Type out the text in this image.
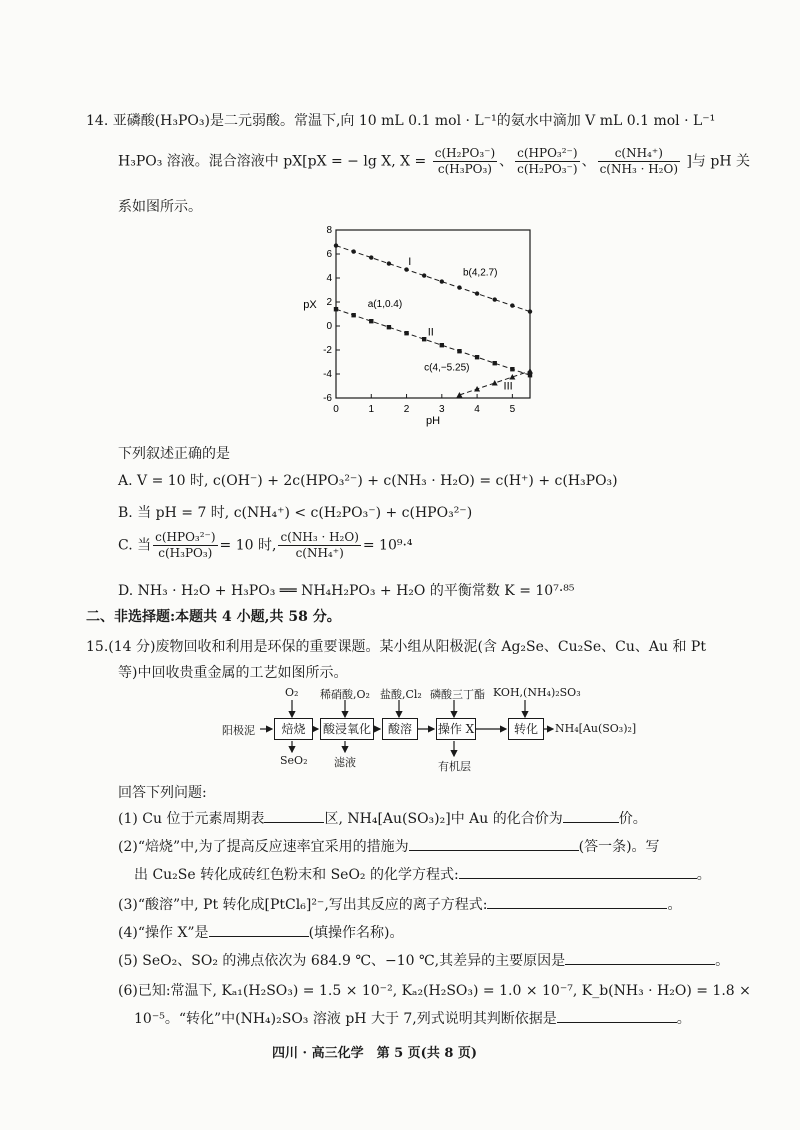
14. 亚磷酸(H₃PO₃)是二元弱酸。常温下,向 10 mL 0.1 mol · L⁻¹的氨水中滴加 V mL 0.1 mol · L⁻¹
H₃PO₃ 溶液。混合溶液中 pX[pX = − lg X, $X = \frac{\text{c(H₂PO₃⁻)}}{\text{c(H₃PO₃)}}$ 、 $\frac{\text{c(HPO₃²⁻)}}{\text{c(H₂PO₃⁻)}}$ 、 $\frac{\text{c(NH₄⁺)}}{\text{c(NH₃ · H₂O)}}$ ]与 pH 关
系如图所示。
0	1	2	3	4	5
-6
-4
-2
0
2
4
6
8
pH
pX	a(1,0.4)
b(4,2.7)
c(4,−5.25)
I
II
III
下列叙述正确的是
A. V = 10 时, c(OH⁻) + 2c(HPO₃²⁻) + c(NH₃ · H₂O) = c(H⁺) + c(H₃PO₃)
B. 当 pH = 7 时, c(NH₄⁺) < c(H₂PO₃⁻) + c(HPO₃²⁻)
C. 当 $\frac{\text{c(HPO₃²⁻)}}{\text{c(H₃PO₃)}} = 10$ 时, $\frac{\text{c(NH₃ · H₂O)}}{\text{c(NH₄⁺)}} = 10^9\cdot^4$
D. NH₃ · H₂O + H₃PO₃ ══ NH₄H₂PO₃ + H₂O 的平衡常数 K = 10⁷·⁸⁵
二、非选择题:本题共 4 小题,共 58 分。
15.(14 分)废物回收和利用是环保的重要课题。某小组从阳极泥(含 Ag₂Se、Cu₂Se、Cu、Au 和 Pt
等)中回收贵重金属的工艺如图所示。
阳极泥	焙烧	酸浸氧化	酸溶	操作 X	转化
O₂ 稀硝酸,O₂ 盐酸,Cl₂ 磷酸三丁酯 KOH,(NH₄)₂SO₃
SeO₂ 滤液	有机层
NH₄[Au(SO₃)₂]
回答下列问题:
(1) Cu 位于元素周期表	区, NH₄[Au(SO₃)₂]中 Au 的化合价为	价。
(2)“焙烧”中,为了提高反应速率宜采用的措施为	(答一条)。写
出 Cu₂Se 转化成砖红色粉末和 SeO₂ 的化学方程式:	。
(3)“酸溶”中, Pt 转化成[PtCl₆]²⁻,写出其反应的离子方程式:	。
(4)“操作 X”是	(填操作名称)。
(5) SeO₂、SO₂ 的沸点依次为 684.9 ℃、−10 ℃,其差异的主要原因是	。
(6)已知:常温下, Kₐ₁(H₂SO₃) = 1.5 × 10⁻², Kₐ₂(H₂SO₃) = 1.0 × 10⁻⁷, K_b(NH₃ · H₂O) = 1.8 ×
10⁻⁵。“转化”中(NH₄)₂SO₃ 溶液 pH 大于 7,列式说明其判断依据是	。
四川 · 高三化学　第 5 页(共 8 页)
